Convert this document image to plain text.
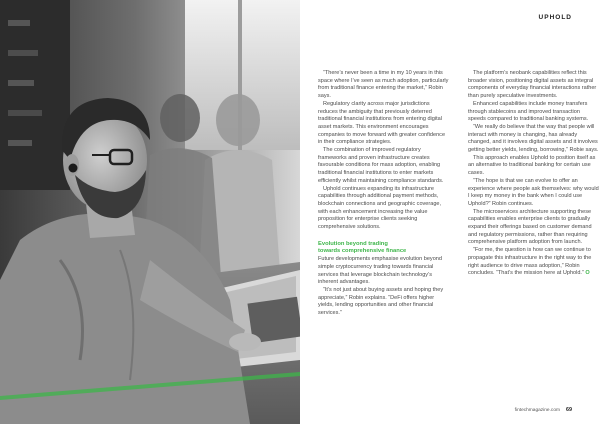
UPHOLD

“There’s never been a time in my 10 years in this space where I’ve seen as much adoption, particularly from traditional finance entering the market,” Robin says.

Regulatory clarity across major jurisdictions reduces the ambiguity that previously deterred traditional financial institutions from entering digital asset markets. This environment encourages companies to move forward with greater confidence in their compliance strategies.

The combination of improved regulatory frameworks and proven infrastructure creates favourable conditions for mass adoption, enabling traditional financial institutions to enter markets efficiently whilst maintaining compliance standards.

Uphold continues expanding its infrastructure capabilities through additional payment methods, blockchain connections and geographic coverage, with each enhancement increasing the value proposition for enterprise clients seeking comprehensive solutions.

Evolution beyond trading
towards comprehensive finance

Future developments emphasise evolution beyond simple cryptocurrency trading towards financial services that leverage blockchain technology’s inherent advantages.

“It’s not just about buying assets and hoping they appreciate,” Robin explains. “DeFi offers higher yields, lending opportunities and other financial services.”

The platform’s neobank capabilities reflect this broader vision, positioning digital assets as integral components of everyday financial interactions rather than purely speculative investments.

Enhanced capabilities include money transfers through stablecoins and improved transaction speeds compared to traditional banking systems.

“We really do believe that the way that people will interact with money is changing, has already changed, and it involves digital assets and it involves getting better yields, lending, borrowing,” Robie says.

This approach enables Uphold to position itself as an alternative to traditional banking for certain use cases.

“The hope is that we can evolve to offer an experience where people ask themselves: why would I keep my money in the bank when I could use Uphold?” Robin continues.

The microservices architecture supporting these capabilities enables enterprise clients to gradually expand their offerings based on customer demand and regulatory permissions, rather than requiring comprehensive platform adoption from launch.

“For me, the question is how can we continue to propagate this infrastructure in the right way to the right audience to drive mass adoption,” Robin concludes. “That’s the mission here at Uphold.” O

fintechmagazine.com 69
